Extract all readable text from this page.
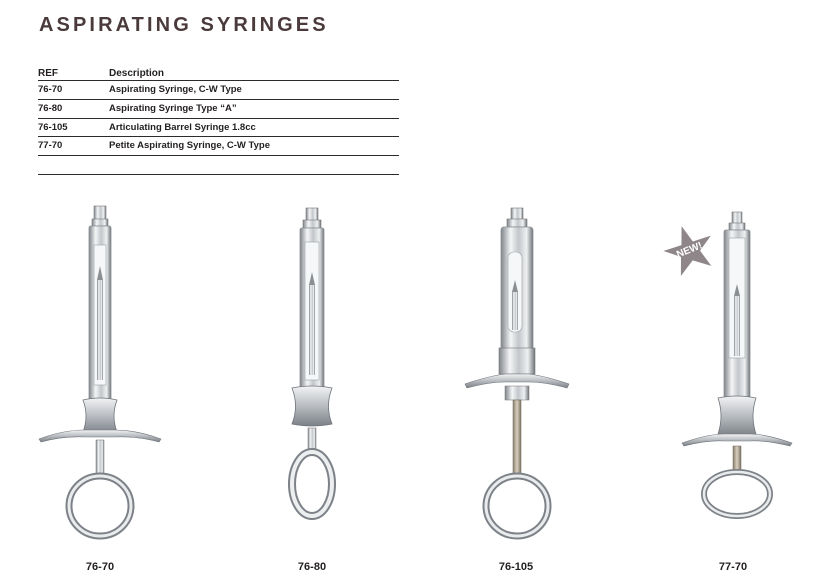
ASPIRATING SYRINGES
REF	Description
76-70	Aspirating Syringe, C-W Type
76-80	Aspirating Syringe Type “A”
76-105	Articulating Barrel Syringe 1.8cc
77-70	Petite Aspirating Syringe, C-W Type
76-70	76-80	76-105
NEW!
77-70
